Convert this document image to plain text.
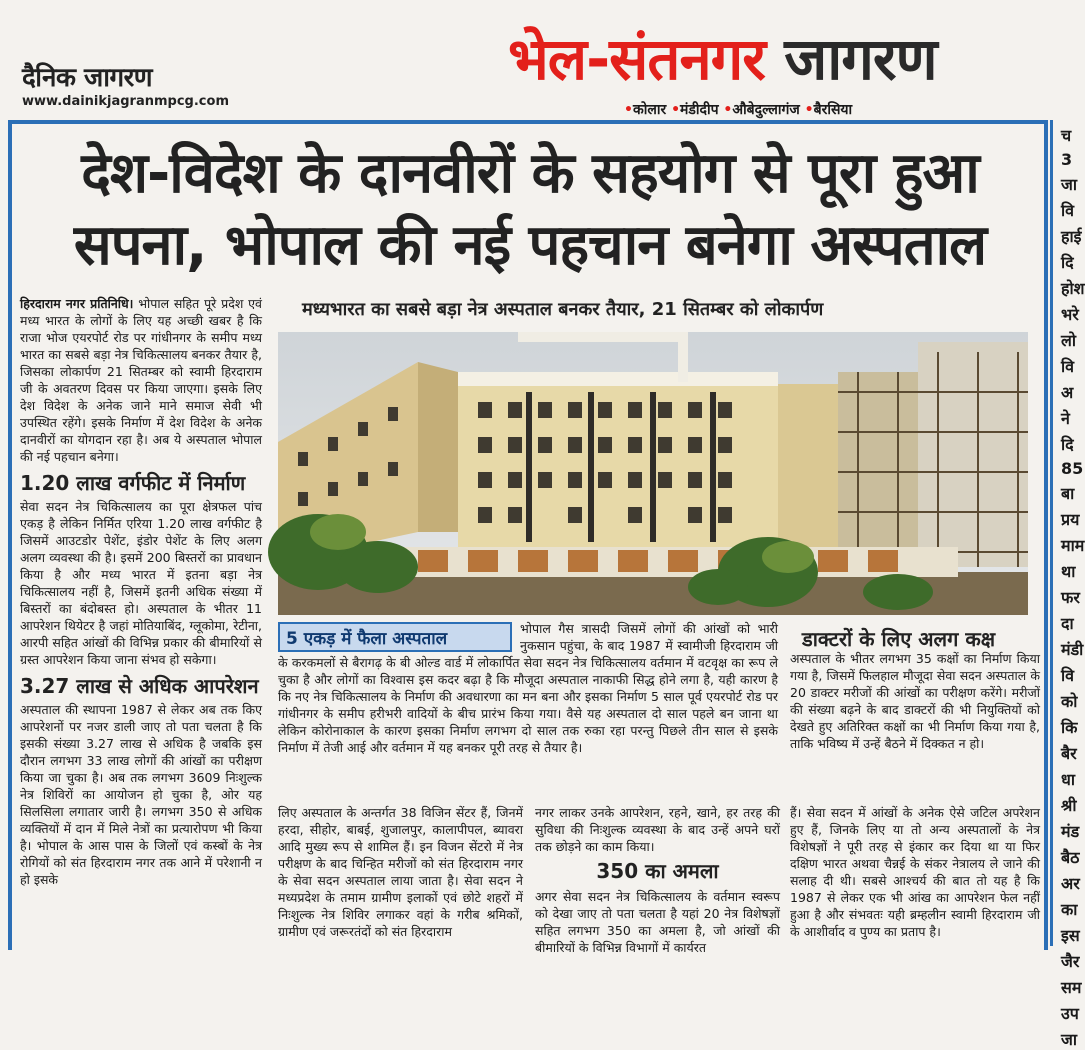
दैनिक जागरण
www.dainikjagranmpcg.com
भेल-संतनगर जागरण
•कोलार •मंडीदीप •औबेदुल्लागंज •बैरसिया
च
3
जा
वि
हाई
दि
होश
भरे
लो
वि
अ
ने
दि
85
बा
प्रय
माम
था
फर
दा
मंडी
वि
को
कि
बैर
धा
श्री
मंड
बैठ
अर
का
इस
जैर
सम
उप
जा
देश-विदेश के दानवीरों के सहयोग से पूरा हुआ
सपना, भोपाल की नई पहचान बनेगा अस्पताल
मध्यभारत का सबसे बड़ा नेत्र अस्पताल बनकर तैयार, 21 सितम्बर को लोकार्पण

हिरदाराम नगर प्रतिनिधि। भोपाल सहित पूरे प्रदेश एवं मध्य भारत के लोगों के लिए यह अच्छी खबर है कि राजा भोज एयरपोर्ट रोड पर गांधीनगर के समीप मध्य भारत का सबसे बड़ा नेत्र चिकित्सालय बनकर तैयार है, जिसका लोकार्पण 21 सितम्बर को स्वामी हिरदाराम जी के अवतरण दिवस पर किया जाएगा। इसके लिए देश विदेश के अनेक जाने माने समाज सेवी भी उपस्थित रहेंगे। इसके निर्माण में देश विदेश के अनेक दानवीरों का योगदान रहा है। अब ये अस्पताल भोपाल की नई पहचान बनेगा।

1.20 लाख वर्गफीट में निर्माण

सेवा सदन नेत्र चिकित्सालय का पूरा क्षेत्रफल पांच एकड़ है लेकिन निर्मित एरिया 1.20 लाख वर्गफीट है जिसमें आउटडोर पेशेंट, इंडोर पेशेंट के लिए अलग अलग व्यवस्था की है। इसमें 200 बिस्तरों का प्रावधान किया है और मध्य भारत में इतना बड़ा नेत्र चिकित्सालय नहीं है, जिसमें इतनी अधिक संख्या में बिस्तरों का बंदोबस्त हो। अस्पताल के भीतर 11 आपरेशन थियेटर है जहां मोतियाबिंद, ग्लूकोमा, रेटीना, आरपी सहित आंखों की विभिन्न प्रकार की बीमारियों से ग्रस्त आपरेशन किया जाना संभव हो सकेगा।

3.27 लाख से अधिक आपरेशन

अस्पताल की स्थापना 1987 से लेकर अब तक किए आपरेशनों पर नजर डाली जाए तो पता चलता है कि इसकी संख्या 3.27 लाख से अधिक है जबकि इस दौरान लगभग 33 लाख लोगों की आंखों का परीक्षण किया जा चुका है। अब तक लगभग 3609 निःशुल्क नेत्र शिविरों का आयोजन हो चुका है, ओर यह सिलसिला लगातार जारी है। लगभग 350 से अधिक व्यक्तियों में दान में मिले नेत्रों का प्रत्यारोपण भी किया है। भोपाल के आस पास के जिलों एवं कस्बों के नेत्र रोगियों को संत हिरदाराम नगर तक आने में परेशानी न हो इसके

भोपाल गैस त्रासदी जिसमें लोगों की आंखों को भारी नुकसान पहुंचा, के बाद 1987 में स्वामीजी हिरदाराम जी के करकमलों से बैरागढ़ के बी ओल्ड वार्ड में लोकार्पित सेवा सदन नेत्र चिकित्सालय वर्तमान में वटवृक्ष का रूप ले चुका है और लोगों का विश्वास इस कदर बढ़ा है कि मौजूदा अस्पताल नाकाफी सिद्ध होने लगा है, यही कारण है कि नए नेत्र चिकित्सालय के निर्माण की अवधारणा का मन बना और इसका निर्माण 5 साल पूर्व एयरपोर्ट रोड पर गांधीनगर के समीप हरीभरी वादियों के बीच प्रारंभ किया गया। वैसे यह अस्पताल दो साल पहले बन जाना था लेकिन कोरोनाकाल के कारण इसका निर्माण लगभग दो साल तक रुका रहा परन्तु पिछले तीन साल से इसके निर्माण में तेजी आई और वर्तमान में यह बनकर पूरी तरह से तैयार है।
5 एकड़ में फैला अस्पताल	डाक्टरों के लिए अलग कक्ष
अस्पताल के भीतर लगभग 35 कक्षों का निर्माण किया गया है, जिसमें फिलहाल मौजूदा सेवा सदन अस्पताल के 20 डाक्टर मरीजों की आंखों का परीक्षण करेंगे। मरीजों की संख्या बढ़ने के बाद डाक्टरों की भी नियुक्तियों को देखते हुए अतिरिक्त कक्षों का भी निर्माण किया गया है, ताकि भविष्य में उन्हें बैठने में दिक्कत न हो।
लिए अस्पताल के अन्तर्गत 38 विजिन सेंटर हैं, जिनमें हरदा, सीहोर, बाबई, शुजालपुर, कालापीपल, ब्यावरा आदि मुख्य रूप से शामिल हैं। इन विजन सेंटरो में नेत्र परीक्षण के बाद चिन्हित मरीजों को संत हिरदाराम नगर के सेवा सदन अस्पताल लाया जाता है। सेवा सदन ने मध्यप्रदेश के तमाम ग्रामीण इलाकों एवं छोटे शहरों में निःशुल्क नेत्र शिविर लगाकर वहां के गरीब श्रमिकों, ग्रामीण एवं जरूरतंदों को संत हिरदाराम
नगर लाकर उनके आपरेशन, रहने, खाने, हर तरह की सुविधा की निःशुल्क व्यवस्था के बाद उन्हें अपने घरों तक छोड़ने का काम किया।
350 का अमला
अगर सेवा सदन नेत्र चिकित्सालय के वर्तमान स्वरूप को देखा जाए तो पता चलता है यहां 20 नेत्र विशेषज्ञों सहित लगभग 350 का अमला है, जो आंखों की बीमारियों के विभिन्न विभागों में कार्यरत
हैं। सेवा सदन में आंखों के अनेक ऐसे जटिल अपरेशन हुए हैं, जिनके लिए या तो अन्य अस्पतालों के नेत्र विशेषज्ञों ने पूरी तरह से इंकार कर दिया था या फिर दक्षिण भारत अथवा चैन्नई के संकर नेत्रालय ले जाने की सलाह दी थी। सबसे आश्चर्य की बात तो यह है कि 1987 से लेकर एक भी आंख का आपरेशन फेल नहीं हुआ है और संभवतः यही ब्रम्हलीन स्वामी हिरदाराम जी के आशीर्वाद व पुण्य का प्रताप है।
